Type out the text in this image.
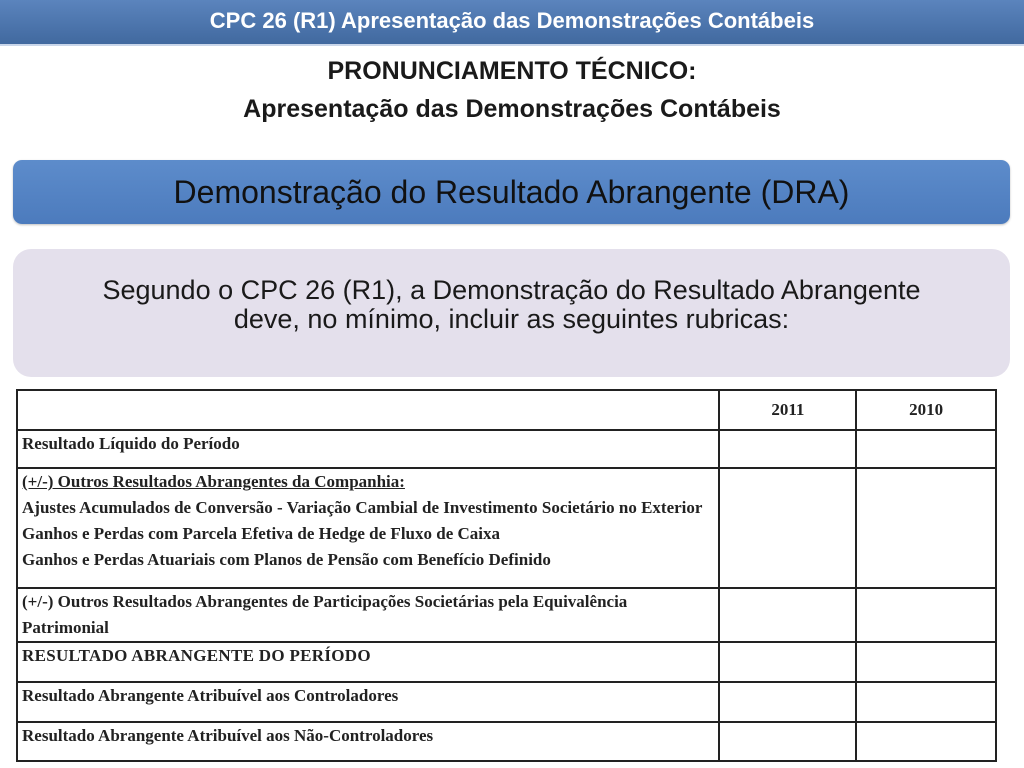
CPC 26 (R1) Apresentação das Demonstrações Contábeis
PRONUNCIAMENTO TÉCNICO:
Apresentação das Demonstrações Contábeis
Demonstração do Resultado Abrangente (DRA)
Segundo o CPC 26 (R1), a Demonstração do Resultado Abrangente
deve, no mínimo, incluir as seguintes rubricas:
	2011	2010

Resultado Líquido do Período		

(+/-) Outros Resultados Abrangentes da Companhia:
Ajustes Acumulados de Conversão - Variação Cambial de Investimento Societário no Exterior
Ganhos e Perdas com Parcela Efetiva de Hedge de Fluxo de Caixa
Ganhos e Perdas Atuariais com Planos de Pensão com Benefício Definido		

(+/-) Outros Resultados Abrangentes de Participações Societárias pela Equivalência Patrimonial		

RESULTADO ABRANGENTE DO PERÍODO		

Resultado Abrangente Atribuível aos Controladores		

Resultado Abrangente Atribuível aos Não-Controladores		
